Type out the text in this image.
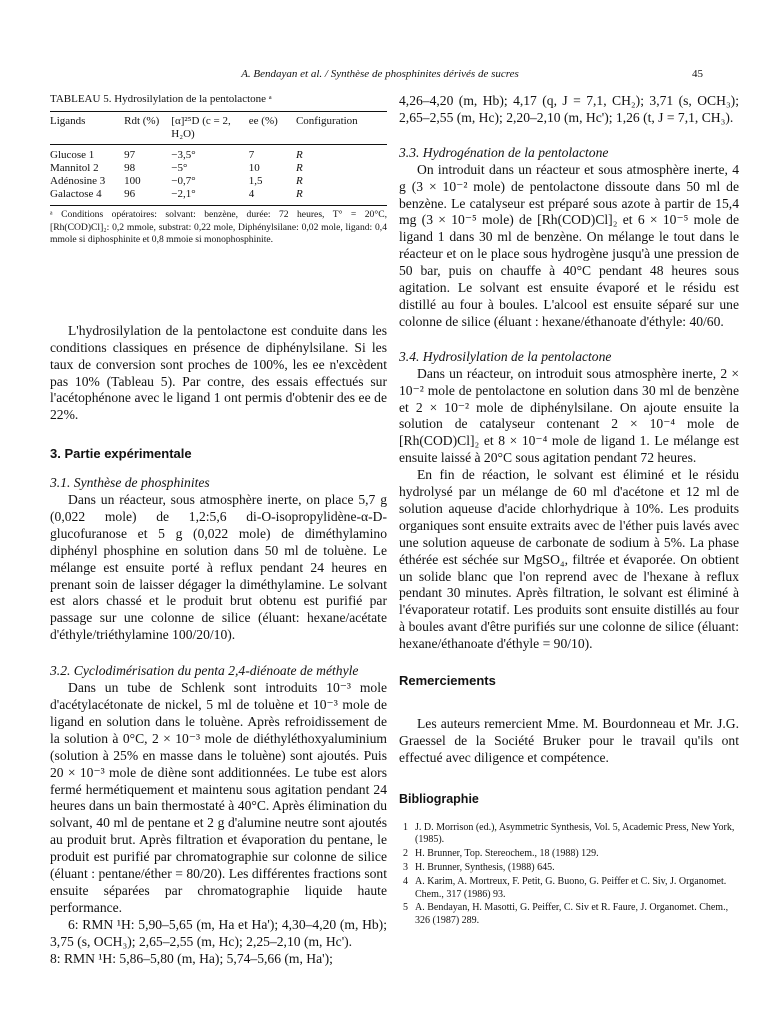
A. Bendayan et al. / Synthèse de phosphinites dérivés de sucres	45
TABLEAU 5. Hydrosilylation de la pentolactone ᵃ
Ligands	Rdt (%)	[α]²⁵D (c = 2, H₂O)	ee (%)	Configuration
Glucose 1	97	−3,5°	7	R
Mannitol 2	98	−5°	10	R
Adénosine 3	100	−0,7°	1,5	R
Galactose 4	96	−2,1°	4	R
ᵃ Conditions opératoires: solvant: benzène, durée: 72 heures, T° = 20°C, [Rh(COD)Cl]₂: 0,2 mmole, substrat: 0,22 mole, Diphénylsilane: 0,02 mole, ligand: 0,4 mmole si diphosphinite et 0,8 mmoie si monophosphinite.

L'hydrosilylation de la pentolactone est conduite dans les conditions classiques en présence de diphénylsilane. Si les taux de conversion sont proches de 100%, les ee n'excèdent pas 10% (Tableau 5). Par contre, des essais effectués sur l'acétophénone avec le ligand 1 ont permis d'obtenir des ee de 22%.

3. Partie expérimentale
3.1. Synthèse de phosphinites

Dans un réacteur, sous atmosphère inerte, on place 5,7 g (0,022 mole) de 1,2:5,6 di-O-isopropylidène-α-D-glucofuranose et 5 g (0,022 mole) de diméthylamino diphényl phosphine en solution dans 50 ml de toluène. Le mélange est ensuite porté à reflux pendant 24 heures en prenant soin de laisser dégager la diméthylamine. Le solvant est alors chassé et le produit brut obtenu est purifié par passage sur une colonne de silice (éluant: hexane/acétate d'éthyle/triéthylamine 100/20/10).

3.2. Cyclodimérisation du penta 2,4-diénoate de méthyle

Dans un tube de Schlenk sont introduits 10⁻³ mole d'acétylacétonate de nickel, 5 ml de toluène et 10⁻³ mole de ligand en solution dans le toluène. Après refroidissement de la solution à 0°C, 2 × 10⁻³ mole de diéthyléthoxyaluminium (solution à 25% en masse dans le toluène) sont ajoutés. Puis 20 × 10⁻³ mole de diène sont additionnées. Le tube est alors fermé hermétiquement et maintenu sous agitation pendant 24 heures dans un bain thermostaté à 40°C. Après élimination du solvant, 40 ml de pentane et 2 g d'alumine neutre sont ajoutés au produit brut. Après filtration et évaporation du pentane, le produit est purifié par chromatographie sur colonne de silice (éluant : pentane/éther = 80/20). Les différentes fractions sont ensuite séparées par chromatographie liquide haute performance.

6: RMN ¹H: 5,90–5,65 (m, Ha et Ha'); 4,30–4,20 (m, Hb); 3,75 (s, OCH₃); 2,65–2,55 (m, Hc); 2,25–2,10 (m, Hc').

8: RMN ¹H: 5,86–5,80 (m, Ha); 5,74–5,66 (m, Ha');

4,26–4,20 (m, Hb); 4,17 (q, J = 7,1, CH₂); 3,71 (s, OCH₃); 2,65–2,55 (m, Hc); 2,20–2,10 (m, Hc'); 1,26 (t, J = 7,1, CH₃).

3.3. Hydrogénation de la pentolactone

On introduit dans un réacteur et sous atmosphère inerte, 4 g (3 × 10⁻² mole) de pentolactone dissoute dans 50 ml de benzène. Le catalyseur est préparé sous azote à partir de 15,4 mg (3 × 10⁻⁵ mole) de [Rh(COD)Cl]₂ et 6 × 10⁻⁵ mole de ligand 1 dans 30 ml de benzène. On mélange le tout dans le réacteur et on le place sous hydrogène jusqu'à une pression de 50 bar, puis on chauffe à 40°C pendant 48 heures sous agitation. Le solvant est ensuite évaporé et le résidu est distillé au four à boules. L'alcool est ensuite séparé sur une colonne de silice (éluant : hexane/éthanoate d'éthyle: 40/60.

3.4. Hydrosilylation de la pentolactone

Dans un réacteur, on introduit sous atmosphère inerte, 2 × 10⁻² mole de pentolactone en solution dans 30 ml de benzène et 2 × 10⁻² mole de diphénylsilane. On ajoute ensuite la solution de catalyseur contenant 2 × 10⁻⁴ mole de [Rh(COD)Cl]₂ et 8 × 10⁻⁴ mole de ligand 1. Le mélange est ensuite laissé à 20°C sous agitation pendant 72 heures.

En fin de réaction, le solvant est éliminé et le résidu hydrolysé par un mélange de 60 ml d'acétone et 12 ml de solution aqueuse d'acide chlorhydrique à 10%. Les produits organiques sont ensuite extraits avec de l'éther puis lavés avec une solution aqueuse de carbonate de sodium à 5%. La phase éthérée est séchée sur MgSO₄, filtrée et évaporée. On obtient un solide blanc que l'on reprend avec de l'hexane à reflux pendant 30 minutes. Après filtration, le solvant est éliminé à l'évaporateur rotatif. Les produits sont ensuite distillés au four à boules avant d'être purifiés sur une colonne de silice (éluant: hexane/éthanoate d'éthyle = 90/10).

Remerciements

Les auteurs remercient Mme. M. Bourdonneau et Mr. J.G. Graessel de la Société Bruker pour le travail qu'ils ont effectué avec diligence et compétence.

Bibliographie
1 J. D. Morrison (ed.), Asymmetric Synthesis, Vol. 5, Academic Press, New York, (1985).
2 H. Brunner, Top. Stereochem., 18 (1988) 129.
3 H. Brunner, Synthesis, (1988) 645.
4 A. Karim, A. Mortreux, F. Petit, G. Buono, G. Peiffer et C. Siv, J. Organomet. Chem., 317 (1986) 93.
5 A. Bendayan, H. Masotti, G. Peiffer, C. Siv et R. Faure, J. Organomet. Chem., 326 (1987) 289.
